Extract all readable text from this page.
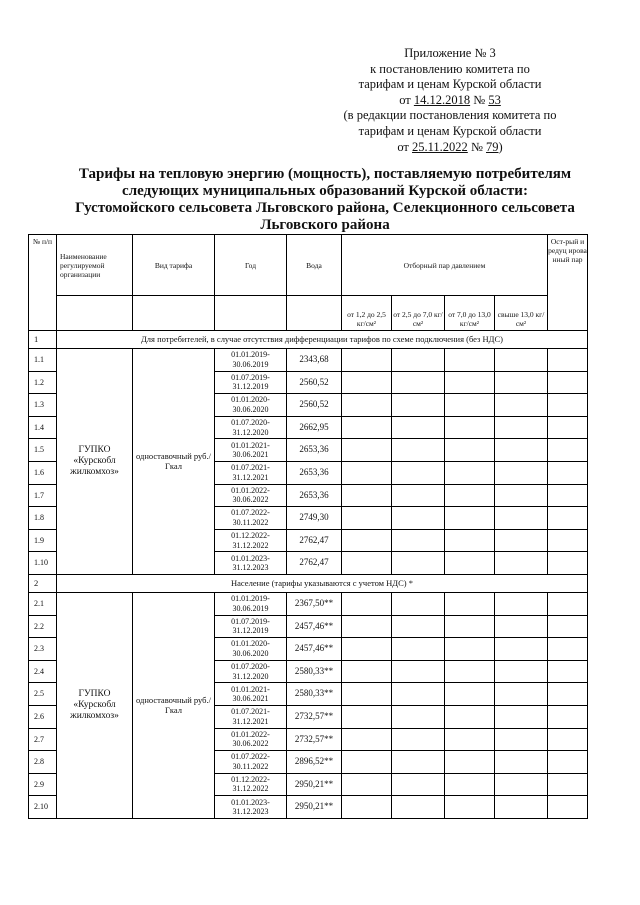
Приложение № 3
к постановлению комитета по
тарифам и ценам Курской области
от 14.12.2018 № 53
(в редакции постановления комитета по
тарифам и ценам Курской области
от 25.11.2022 № 79)
Тарифы на тепловую энергию (мощность), поставляемую потребителям
следующих муниципальных образований Курской области:
Густомойского сельсовета Льговского района, Селекционного сельсовета
Льговского района
№ п/п	Наименование регулируемой организации	Вид тарифа	Год	Вода	Отборный пар давлением				Ост-рый и редуц ирова нный пар
					от 1,2 до 2,5 кг/см²	от 2,5 до 7,0 кг/см²	от 7,0 до 13,0 кг/см²	свыше 13,0 кг/см²	
1	Для потребителей, в случае отсутствия дифференциации тарифов по схеме подключения (без НДС)								
1.1	ГУПКО «Курскобл жилкомхоз»	одноставочный руб./Гкал	01.01.2019-30.06.2019	2343,68					
1.2			01.07.2019-31.12.2019	2560,52					
1.3			01.01.2020-30.06.2020	2560,52					
1.4			01.07.2020-31.12.2020	2662,95					
1.5			01.01.2021-30.06.2021	2653,36					
1.6			01.07.2021-31.12.2021	2653,36					
1.7			01.01.2022-30.06.2022	2653,36					
1.8			01.07.2022-30.11.2022	2749,30					
1.9			01.12.2022-31.12.2022	2762,47					
1.10			01.01.2023-31.12.2023	2762,47					
2	Население (тарифы указываются с учетом НДС) *								
2.1	ГУПКО «Курскобл жилкомхоз»	одноставочный руб./Гкал	01.01.2019-30.06.2019	2367,50**					
2.2			01.07.2019-31.12.2019	2457,46**					
2.3			01.01.2020-30.06.2020	2457,46**					
2.4			01.07.2020-31.12.2020	2580,33**					
2.5			01.01.2021-30.06.2021	2580,33**					
2.6			01.07.2021-31.12.2021	2732,57**					
2.7			01.01.2022-30.06.2022	2732,57**					
2.8			01.07.2022-30.11.2022	2896,52**					
2.9			01.12.2022-31.12.2022	2950,21**					
2.10			01.01.2023-31.12.2023	2950,21**					
